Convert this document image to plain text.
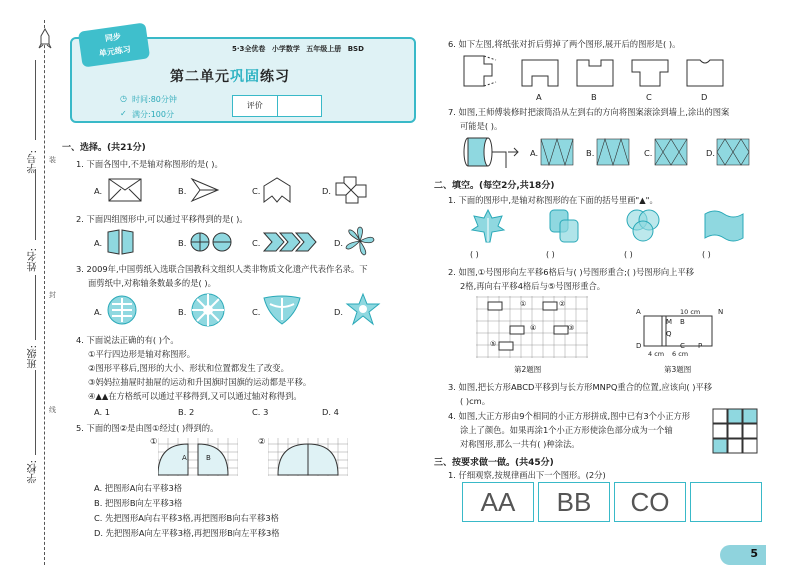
学号:
姓名:
班级:
学校:
装
封
线
同步
单元练习	5·3全优卷 小学数学 五年级上册 BSD
第二单元巩固练习
◷ 时间:80分钟
✓ 满分:100分
评价
一、选择。(共21分)
1. 下面各图中,不是轴对称图形的是( )。
A.	B.	C.	D.
2. 下面四组图形中,可以通过平移得到的是( )。
A.	B.	C.	D.
3. 2009年,中国剪纸入选联合国教科文组织人类非物质文化遗产代表作名录。下
面剪纸中,对称轴条数最多的是( )。
A.	B.	C.	D.
4. 下面说法正确的有( )个。
①平行四边形是轴对称图形。
②图形平移后,图形的大小、形状和位置都发生了改变。
③妈妈拉抽屉时抽屉的运动和升国旗时国旗的运动都是平移。
④▲▲在方格纸可以通过平移得到,又可以通过轴对称得到。
A. 1	B. 2	C. 3	D. 4
5. 下面的图②是由图①经过( )得到的。
①	②
A	B
A. 把图形A向右平移3格
B. 把图形B向左平移3格
C. 先把图形A向右平移3格,再把图形B向右平移3格
D. 先把图形A向左平移3格,再把图形B向左平移3格
6. 如下左图,将纸张对折后剪掉了两个图形,展开后的图形是( )。
A	B	C	D
7. 如图,王师傅装修时把滚筒沿从左到右的方向将图案滚涂到墙上,涂出的图案
可能是( )。
A.	B.	C.	D.
二、填空。(每空2分,共18分)
1. 下面的图形中,是轴对称图形的在下面的括号里画"▲"。
( )	( )	( )	( )
2. 如图,①号图形向左平移6格后与( )号图形重合;( )号图形向上平移
2格,再向右平移4格后与⑤号图形重合。
①	②
④	③
⑤
第2题图
A
D
M B
Q
C P
N
10 cm
4 cm 6 cm
第3题图
3. 如图,把长方形ABCD平移到与长方形MNPQ重合的位置,应该向( )平移
( )cm。
4. 如图,大正方形由9个相同的小正方形拼成,图中已有3个小正方形
涂上了颜色。如果再涂1个小正方形使涂色部分成为一个轴
对称图形,那么一共有( )种涂法。
三、按要求做一做。(共45分)
1. 仔细观察,按规律画出下一个图形。(2分)
AA	BB	CO
5
